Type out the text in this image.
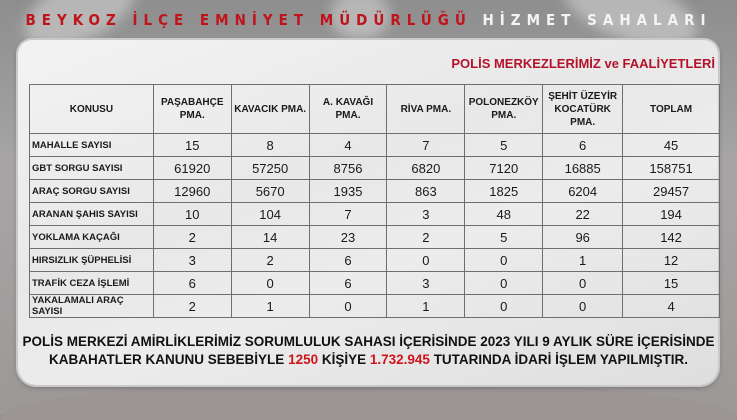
BEYKOZ İLÇE EMNİYET MÜDÜRLÜĞÜ HİZMET SAHALARI
POLİS MERKEZLERİMİZ ve FAALİYETLERİ
KONUSU	PAŞABAHÇE PMA.	KAVACIK PMA.	A. KAVAĞI PMA.	RİVA PMA.	POLONEZKÖY PMA.	ŞEHİT ÜZEYİR KOCATÜRK PMA.	TOPLAM
MAHALLE SAYISI	15	8	4	7	5	6	45
GBT SORGU SAYISI	61920	57250	8756	6820	7120	16885	158751
ARAÇ SORGU SAYISI	12960	5670	1935	863	1825	6204	29457
ARANAN ŞAHIS SAYISI	10	104	7	3	48	22	194
YOKLAMA KAÇAĞI	2	14	23	2	5	96	142
HIRSIZLIK ŞÜPHELİSİ	3	2	6	0	0	1	12
TRAFİK CEZA İŞLEMİ	6	0	6	3	0	0	15
YAKALAMALI ARAÇ SAYISI	2	1	0	1	0	0	4
POLİS MERKEZİ AMİRLİKLERİMİZ SORUMLULUK SAHASI İÇERİSİNDE 2023 YILI 9 AYLIK SÜRE İÇERİSİNDE
KABAHATLER KANUNU SEBEBİYLE 1250 KİŞİYE 1.732.945 TUTARINDA İDARİ İŞLEM YAPILMIŞTIR.
